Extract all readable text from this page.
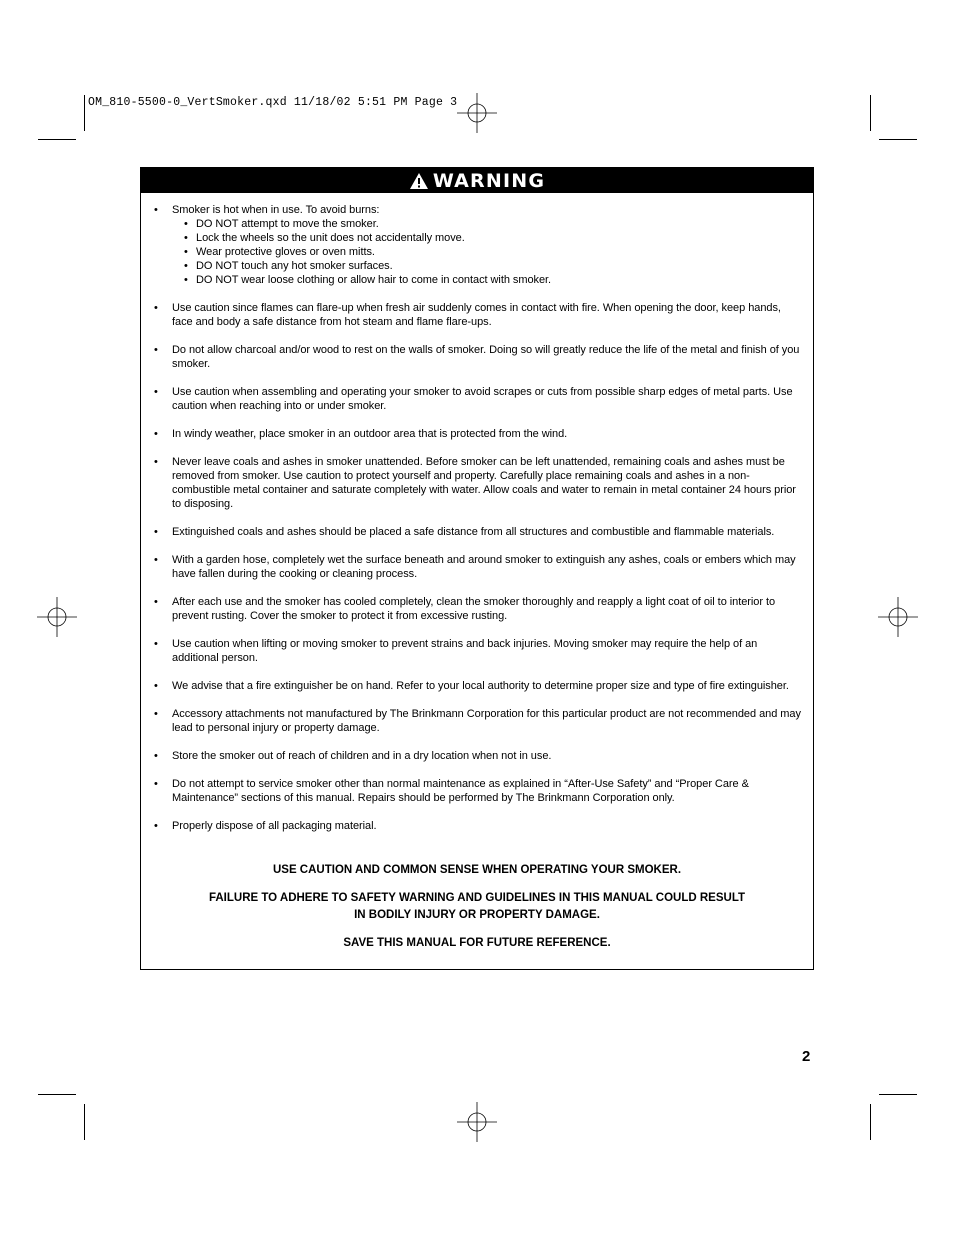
OM_810-5500-0_VertSmoker.qxd 11/18/02 5:51 PM Page 3
WARNING
• Smoker is hot when in use. To avoid burns:
• DO NOT attempt to move the smoker.
• Lock the wheels so the unit does not accidentally move.
• Wear protective gloves or oven mitts.
• DO NOT touch any hot smoker surfaces.
• DO NOT wear loose clothing or allow hair to come in contact with smoker.
• Use caution since flames can flare-up when fresh air suddenly comes in contact with fire. When opening the door, keep hands, face and body a safe distance from hot steam and flame flare-ups.
• Do not allow charcoal and/or wood to rest on the walls of smoker. Doing so will greatly reduce the life of the metal and finish of you smoker.
• Use caution when assembling and operating your smoker to avoid scrapes or cuts from possible sharp edges of metal parts. Use caution when reaching into or under smoker.
• In windy weather, place smoker in an outdoor area that is protected from the wind.
• Never leave coals and ashes in smoker unattended. Before smoker can be left unattended, remaining coals and ashes must be removed from smoker. Use caution to protect yourself and property. Carefully place remaining coals and ashes in a non-combustible metal container and saturate completely with water. Allow coals and water to remain in metal container 24 hours prior to disposing.
• Extinguished coals and ashes should be placed a safe distance from all structures and combustible and flammable materials.
• With a garden hose, completely wet the surface beneath and around smoker to extinguish any ashes, coals or embers which may have fallen during the cooking or cleaning process.
• After each use and the smoker has cooled completely, clean the smoker thoroughly and reapply a light coat of oil to interior to prevent rusting. Cover the smoker to protect it from excessive rusting.
• Use caution when lifting or moving smoker to prevent strains and back injuries. Moving smoker may require the help of an additional person.
• We advise that a fire extinguisher be on hand. Refer to your local authority to determine proper size and type of fire extinguisher.
• Accessory attachments not manufactured by The Brinkmann Corporation for this particular product are not recommended and may lead to personal injury or property damage.
• Store the smoker out of reach of children and in a dry location when not in use.
• Do not attempt to service smoker other than normal maintenance as explained in “After-Use Safety” and “Proper Care & Maintenance” sections of this manual. Repairs should be performed by The Brinkmann Corporation only.
• Properly dispose of all packaging material.
USE CAUTION AND COMMON SENSE WHEN OPERATING YOUR SMOKER.
FAILURE TO ADHERE TO SAFETY WARNING AND GUIDELINES IN THIS MANUAL COULD RESULT
IN BODILY INJURY OR PROPERTY DAMAGE.
SAVE THIS MANUAL FOR FUTURE REFERENCE.
2
